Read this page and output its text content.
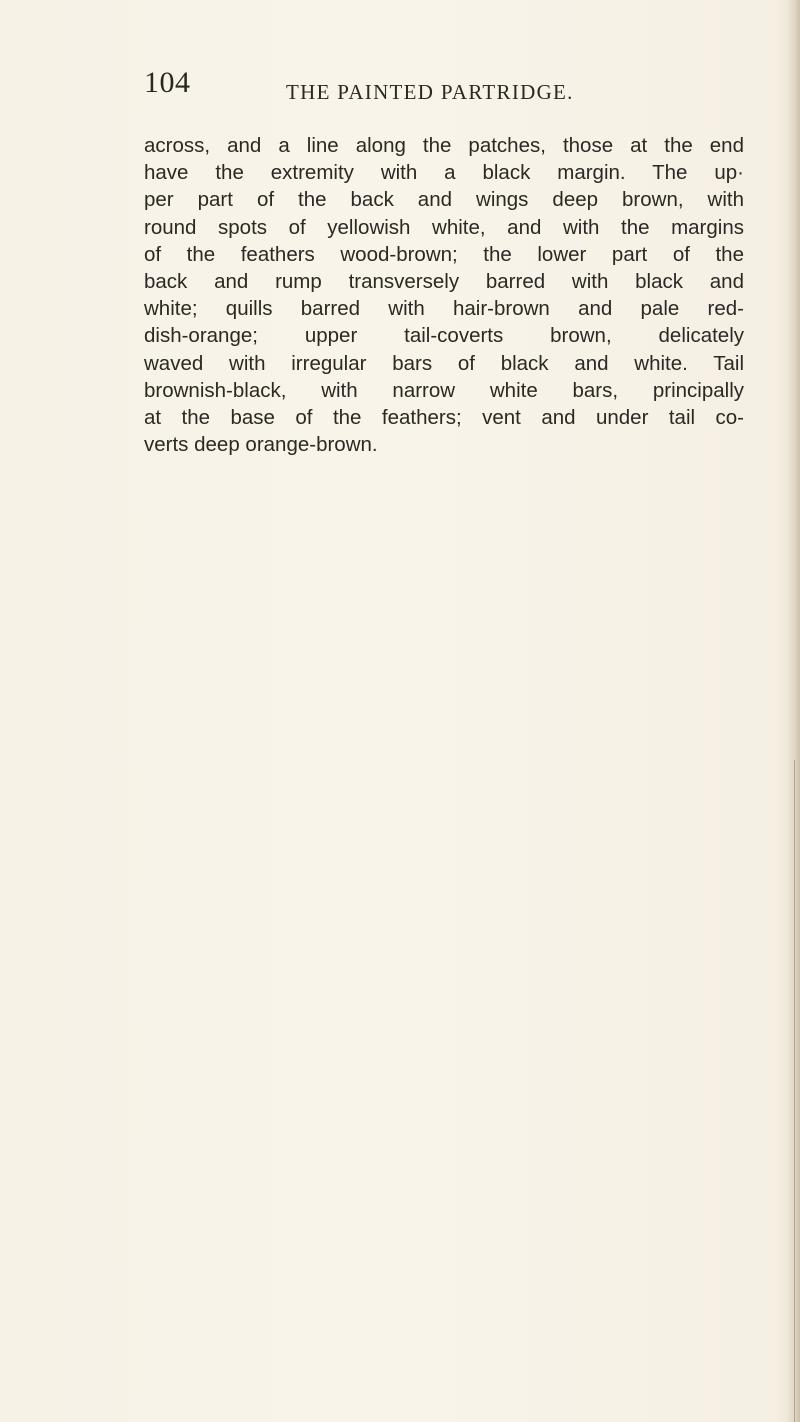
104	THE PAINTED PARTRIDGE.

across, and a line along the patches, those at the end
have the extremity with a black margin. The up·
per part of the back and wings deep brown, with
round spots of yellowish white, and with the margins
of the feathers wood-brown; the lower part of the
back and rump transversely barred with black and
white; quills barred with hair-brown and pale red-
dish-orange; upper tail-coverts brown, delicately
waved with irregular bars of black and white. Tail
brownish-black, with narrow white bars, principally
at the base of the feathers; vent and under tail co-
verts deep orange-brown.
